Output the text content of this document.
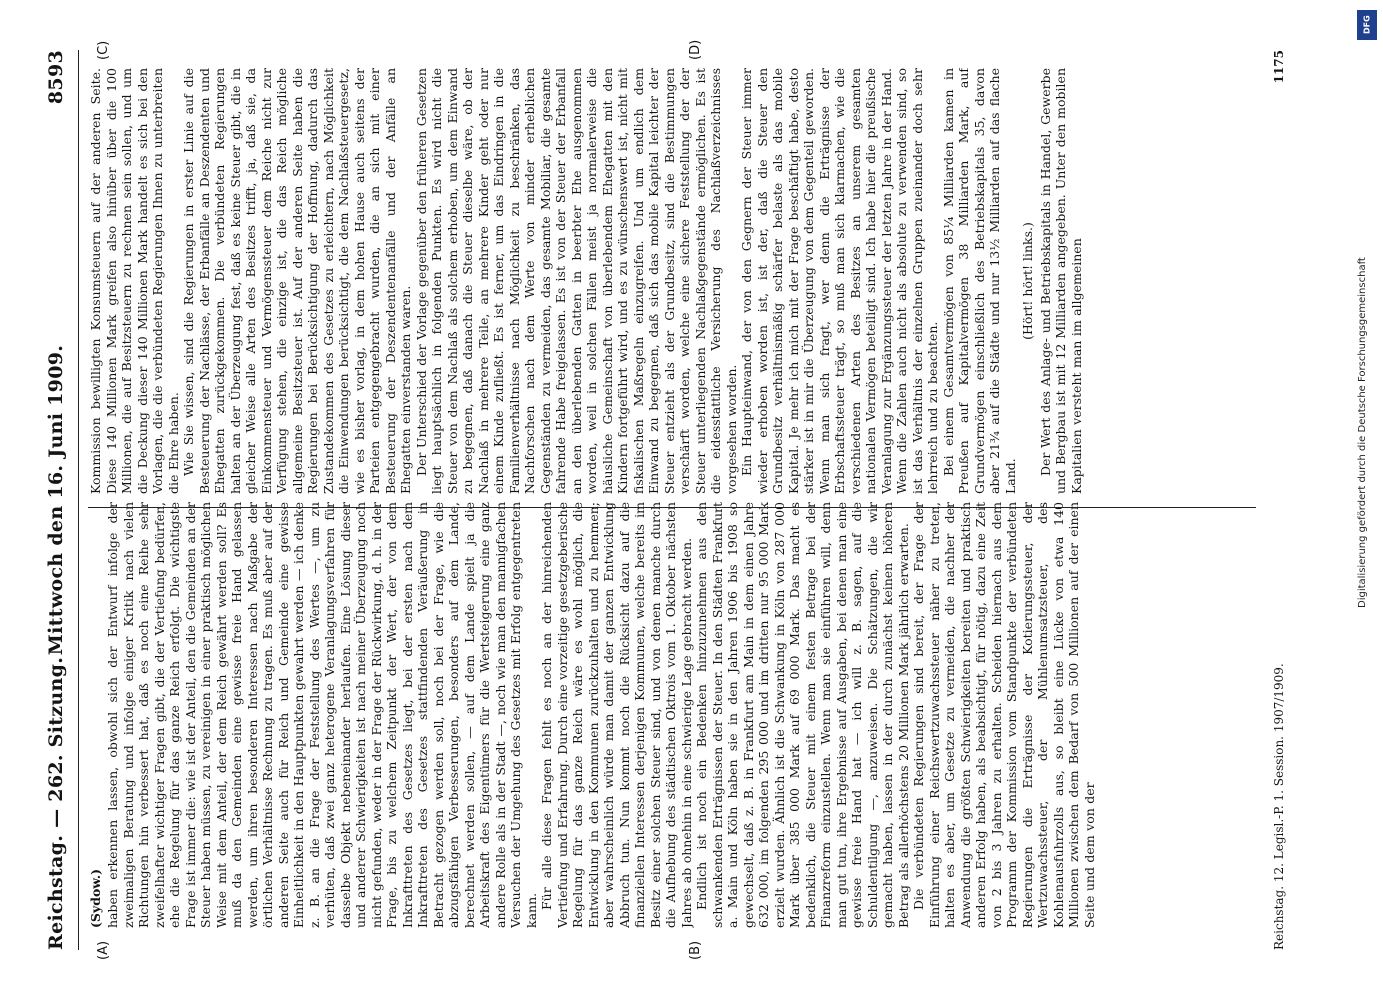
Reichstag. — 262. Sitzung.
Mittwoch den 16. Juni 1909.
8593
(A)	(B)
(C)	(D)
(Sydow.) haben erkennen lassen, obwohl sich der Entwurf infolge der zweimaligen Beratung und infolge einiger Kritik nach vielen Richtungen hin verbessert hat, daß es noch eine Reihe sehr zweifelhafter wichtiger Fragen gibt, die der Vertiefung bedürfen, ehe die Regelung für das ganze Reich erfolgt. Die wichtigste Frage ist immer die: wie ist der Anteil, den die Gemeinden an der Steuer haben müssen, zu vereinigen in einer praktisch möglichen Weise mit dem Anteil, der dem Reich gewährt werden soll? Es muß da den Gemeinden eine gewisse freie Hand gelassen werden, um ihren besonderen Interessen nach Maßgabe der örtlichen Verhältnisse Rechnung zu tragen. Es muß aber auf der anderen Seite auch für Reich und Gemeinde eine gewisse Einheitlichkeit in den Hauptpunkten gewahrt werden — ich denke z. B. an die Frage der Feststellung des Wertes —, um zu verhüten, daß zwei ganz heterogene Veranlagungsverfahren für dasselbe Objekt nebeneinander herlaufen. Eine Lösung dieser und anderer Schwierigkeiten ist nach meiner Überzeugung noch nicht gefunden, weder in der Frage der Rückwirkung, d. h. in der Frage, bis zu welchem Zeitpunkt der Wert, der von dem Inkrafttreten des Gesetzes liegt, bei der ersten nach dem Inkrafttreten des Gesetzes stattfindenden Veräußerung in Betracht gezogen werden soll, noch bei der Frage, wie die abzugsfähigen Verbesserungen, besonders auf dem Lande, berechnet werden sollen, — auf dem Lande spielt ja die Arbeitskraft des Eigentümers für die Wertsteigerung eine ganz andere Rolle als in der Stadt —, noch wie man den mannigfachen Versuchen der Umgehung des Gesetzes mit Erfolg entgegentreten kann.

Für alle diese Fragen fehlt es noch an der hinreichenden Vertiefung und Erfahrung. Durch eine vorzeitige gesetzgeberische Regelung für das ganze Reich wäre es wohl möglich, die Entwicklung in den Kommunen zurückzuhalten und zu hemmen; aber wahrscheinlich würde man damit der ganzen Entwicklung Abbruch tun. Nun kommt noch die Rücksicht dazu auf die finanziellen Interessen derjenigen Kommunen, welche bereits im Besitz einer solchen Steuer sind, und von denen manche durch die Aufhebung des städtischen Oktrois vom 1. Oktober nächsten Jahres ab ohnehin in eine schwierige Lage gebracht werden. Endlich ist noch ein Bedenken hinzuzunehmen aus den schwankenden Erträgnissen der Steuer. In den Städten Frankfurt a. Main und Köln haben sie in den Jahren 1906 bis 1908 so gewechselt, daß z. B. in Frankfurt am Main in dem einen Jahre 632 000, im folgenden 295 000 und im dritten nur 95 000 Mark erzielt wurden. Ähnlich ist die Schwankung in Köln von 287 000 Mark über 385 000 Mark auf 69 000 Mark. Das macht es bedenklich, die Steuer mit einem festen Betrage bei der Finanzreform einzustellen. Wenn man sie einführen will, denn man gut tun, ihre Ergebnisse auf Ausgaben, bei denen man eine gewisse freie Hand hat — ich will z. B. sagen, auf die Schuldentilgung —, anzuweisen. Die Schätzungen, die wir gemacht haben, lassen in der durch zunächst keinen höheren Betrag als allerhöchstens 20 Millionen Mark jährlich erwarten. Die verbündeten Regierungen sind bereit, der Frage der Einführung einer Reichswertzuwachssteuer näher zu treten, halten es aber, um Gesetze zu vermeiden, die nachher der Anwendung die größten Schwierigkeiten bereiten und praktisch anderen Erfolg haben, als beabsichtigt, für nötig, dazu eine Zeit von 2 bis 3 Jahren zu erhalten. Scheiden hiernach aus dem Programm der Kommission vom Standpunkte der verbündeten Regierungen die Erträgnisse der Kotierungssteuer, der Wertzuwachssteuer, der Mühlenumsatzsteuer, des Kohlenausfuhrzolls aus, so bleibt eine Lücke von etwa 140 Millionen zwischen dem Bedarf von 500 Millionen auf der einen Seite und dem von der

Kommission bewilligten Konsumsteuern auf der anderen Seite. Diese 140 Millionen Mark greifen also hinüber über die 100 Millionen, die auf Besitzsteuern zu rechnen sein sollen, und um die Deckung dieser 140 Millionen Mark handelt es sich bei den Vorlagen, die die verbündeten Regierungen Ihnen zu unterbreiten die Ehre haben. Wie Sie wissen, sind die Regierungen in erster Linie auf die Besteuerung der Nachlässe, der Erbanfälle an Deszendenten und Ehegatten zurückgekommen. Die verbündeten Regierungen halten an der Überzeugung fest, daß es keine Steuer gibt, die in gleicher Weise alle Arten des Besitzes trifft, ja, daß sie, da Einkommensteuer und Vermögenssteuer dem Reiche nicht zur Verfügung stehen, die einzige ist, die das Reich mögliche allgemeine Besitzsteuer ist. Auf der anderen Seite haben die Regierungen bei Berücksichtigung der Hoffnung, dadurch das Zustandekommen des Gesetzes zu erleichtern, nach Möglichkeit die Einwendungen berücksichtigt, die dem Nachlaßsteuergesetz, wie es bisher vorlag, in dem hohen Hause auch seitens der Parteien entgegengebracht wurden, die an sich mit einer Besteuerung der Deszendentenanfälle und der Anfälle an Ehegatten einverstanden waren. Der Unterschied der Vorlage gegenüber den früheren Gesetzen liegt hauptsächlich in folgenden Punkten. Es wird nicht die Steuer von dem Nachlaß als solchem erhoben, um dem Einwand zu begegnen, daß danach die Steuer dieselbe wäre, ob der Nachlaß in mehrere Teile, an mehrere Kinder geht oder nur einem Kinde zufließt. Es ist ferner, um das Eindringen in die Familienverhältnisse nach Möglichkeit zu beschränken, das Nachforschen nach dem Werte von minder erheblichen Gegenständen zu vermeiden, das gesamte Mobiliar, die gesamte fahrende Habe freigelassen. Es ist von der Steuer der Erbanfall an den überlebenden Gatten in beerbter Ehe ausgenommen worden, weil in solchen Fällen meist ja normalerweise die häusliche Gemeinschaft von überlebendem Ehegatten mit den Kindern fortgeführt wird, und es zu wünschenswert ist, nicht mit fiskalischen Maßregeln einzugreifen. Und um endlich dem Einwand zu begegnen, daß sich das mobile Kapital leichter der Steuer entzieht als der Grundbesitz, sind die Bestimmungen verschärft worden, welche eine sichere Feststellung der der Steuer unterliegenden Nachlaßgegenstände ermöglichen. Es ist die eidesstattliche Versicherung des Nachlaßverzeichnisses vorgesehen worden. Ein Haupteinwand, der von den Gegnern der Steuer immer wieder erhoben worden ist, ist der, daß die Steuer den Grundbesitz verhältnismäßig schärfer belaste als das mobile Kapital. Je mehr ich mich mit der Frage beschäftigt habe, desto stärker ist in mir die Überzeugung von dem Gegenteil geworden. Wenn man sich fragt, wer denn die Erträgnisse der Erbschaftssteuer trägt, so muß man sich klarmachen, wie die verschiedenen Arten des Besitzes an unserem gesamten nationalen Vermögen beteiligt sind. Ich habe hier die preußische Veranlagung zur Ergänzungssteuer der letzten Jahre in der Hand. Wenn die Zahlen auch nicht als absolute zu verwenden sind, so ist das Verhältnis der einzelnen Gruppen zueinander doch sehr lehrreich und zu beachten. Bei einem Gesamtvermögen von 85¼ Milliarden kamen in Preußen auf Kapitalvermögen 38 Milliarden Mark, auf Grundvermögen einschließlich des Betriebskapitals 35, davon aber 21¾ auf die Städte und nur 13½ Milliarden auf das flache Land.

(Hört! hört! links.) Der Wert des Anlage- und Betriebskapitals in Handel, Gewerbe und Bergbau ist mit 12 Milliarden angegeben. Unter den mobilen Kapitalien versteht man im allgemeinen

Reichstag. 12. Legisl.-P. 1. Session. 1907/1909.
1175
DFG
Digitalisierung gefördert durch die Deutsche Forschungsgemeinschaft
